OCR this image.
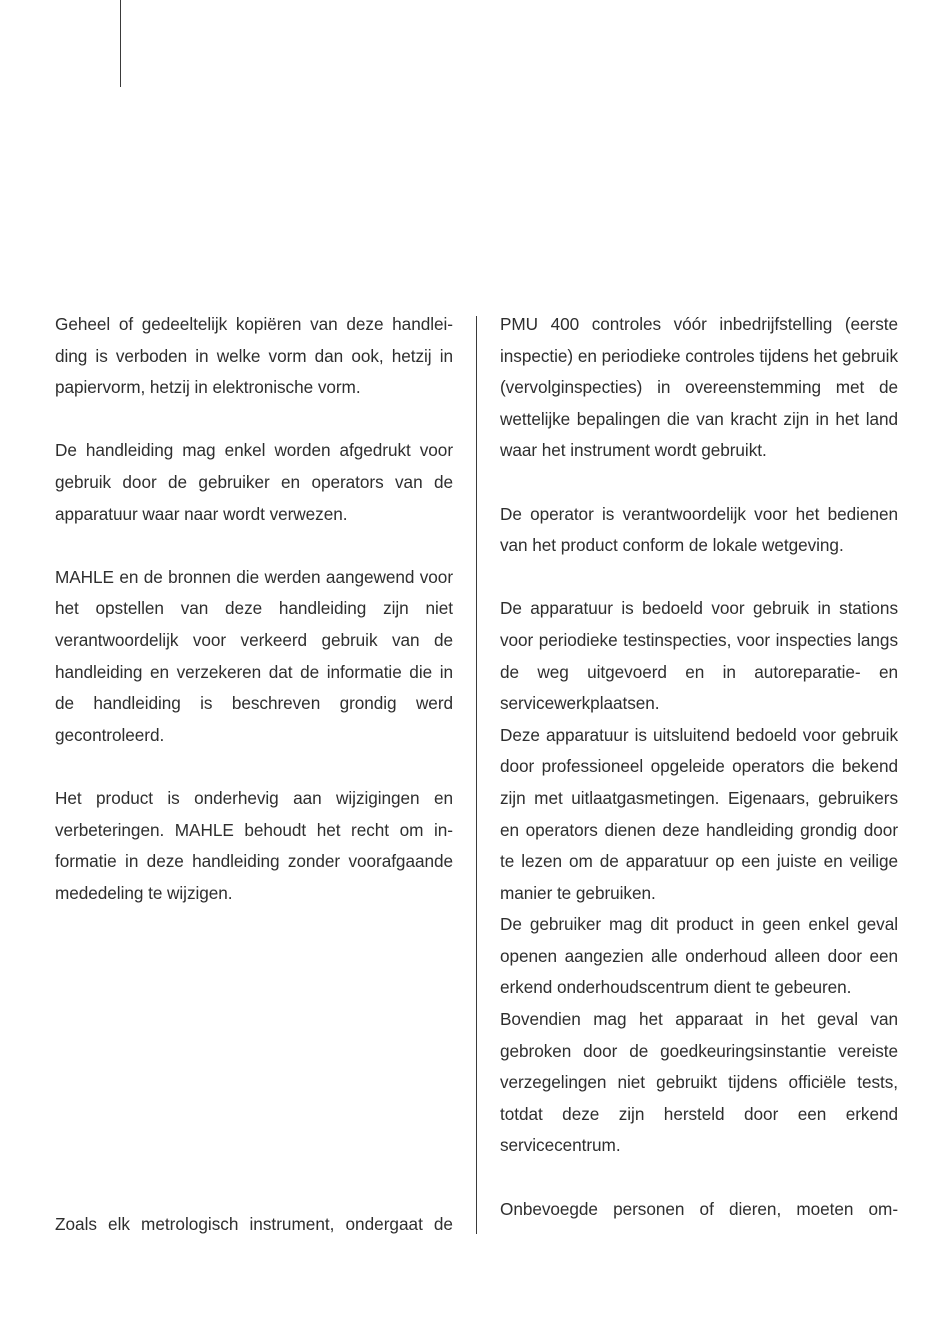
Geheel of gedeeltelijk kopiëren van deze handleiding is verboden in welke vorm dan ook, hetzij in papiervorm, hetzij in elektronische vorm.

De handleiding mag enkel worden afgedrukt voor gebruik door de gebruiker en operators van de apparatuur waar naar wordt verwezen.

MAHLE en de bronnen die werden aangewend voor het opstellen van deze handleiding zijn niet verantwoordelijk voor verkeerd gebruik van de handleiding en verzekeren dat de informatie die in de handleiding is beschreven grondig werd gecontroleerd.

Het product is onderhevig aan wijzigingen en verbeteringen. MAHLE behoudt het recht om informatie in deze handleiding zonder voorafgaande mededeling te wijzigen.

Zoals elk metrologisch instrument, ondergaat de

PMU 400 controles vóór inbedrijfstelling (eerste inspectie) en periodieke controles tijdens het gebruik (vervolginspecties) in overeenstemming met de wettelijke bepalingen die van kracht zijn in het land waar het instrument wordt gebruikt.

De operator is verantwoordelijk voor het bedienen van het product conform de lokale wetgeving.

De apparatuur is bedoeld voor gebruik in stations voor periodieke testinspecties, voor inspecties langs de weg uitgevoerd en in autoreparatie- en servicewerkplaatsen.

Deze apparatuur is uitsluitend bedoeld voor gebruik door professioneel opgeleide operators die bekend zijn met uitlaatgasmetingen. Eigenaars, gebruikers en operators dienen deze handleiding grondig door te lezen om de apparatuur op een juiste en veilige manier te gebruiken.

De gebruiker mag dit product in geen enkel geval openen aangezien alle onderhoud alleen door een erkend onderhoudscentrum dient te gebeuren.

Bovendien mag het apparaat in het geval van gebroken door de goedkeuringsinstantie vereiste verzegelingen niet gebruikt tijdens officiële tests, totdat deze zijn hersteld door een erkend servicecentrum.

Onbevoegde personen of dieren, moeten om-
